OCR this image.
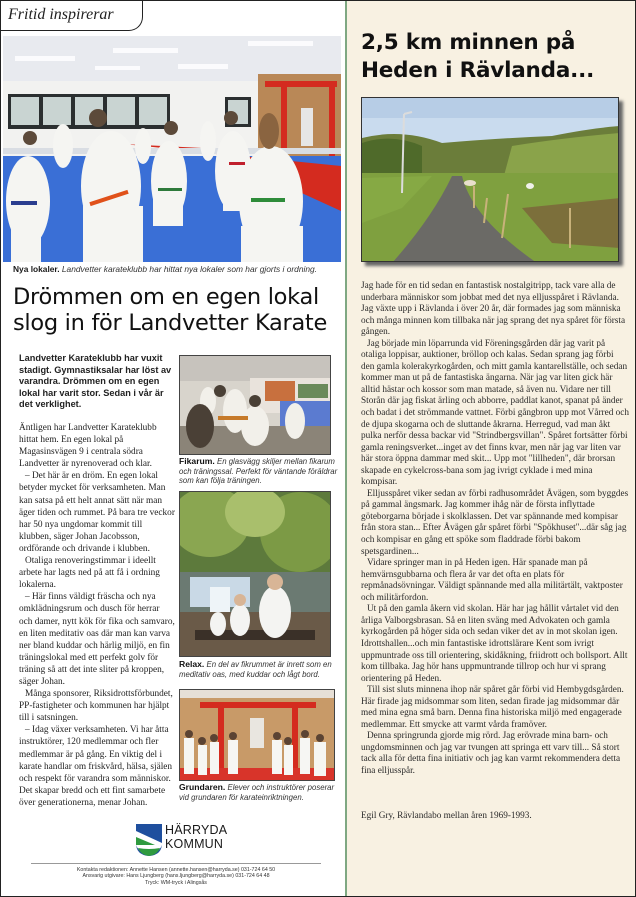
Fritid inspirerar
Nya lokaler. Landvetter karateklubb har hittat nya lokaler som har gjorts i ordning.
Drömmen om en egen lokal slog in för Landvetter Karate
Landvetter Karateklubb har vuxit stadigt. Gymnastiksalar har löst av varandra. Drömmen om en egen lokal har varit stor. Sedan i vår är det verklighet.

Äntligen har Landvetter Karateklubb hittat hem. En egen lokal på Magasinsvägen 9 i centrala södra Landvetter är nyrenoverad och klar.

– Det här är en dröm. En egen lokal betyder mycket för verksamheten. Man kan satsa på ett helt annat sätt när man äger tiden och rummet. På bara tre veckor har 50 nya ungdomar kommit till klubben, säger Johan Jacobsson, ordförande och drivande i klubben.

Otaliga renoveringstimmar i ideellt arbete har lagts ned på att få i ordning lokalerna.

– Här finns väldigt fräscha och nya omklädningsrum och dusch för herrar och damer, nytt kök för fika och samvaro, en liten meditativ oas där man kan varva ner bland kuddar och härlig miljö, en fin träningslokal med ett perfekt golv för träning så att det inte sliter på kroppen, säger Johan.

Många sponsorer, Riksidrottsförbundet, PP-fastigheter och kommunen har hjälpt till i satsningen.

– Idag växer verksamheten. Vi har åtta instruktörer, 120 medlemmar och fler medlemmar är på gång. En viktig del i karate handlar om friskvård, hälsa, själen och respekt för varandra som människor. Det skapar bredd och ett fint samarbete över generationerna, menar Johan.

Fikarum. En glasvägg skiljer mellan fikarum och träningssal. Perfekt för väntande föräldrar som kan följa träningen.
Relax. En del av fikrummet är inrett som en meditativ oas, med kuddar och lågt bord.
Grundaren. Elever och instruktörer poserar vid grundaren för karateinriktningen.
HÄRRYDA
KOMMUN
Kontakta redaktionen: Annette Hansen (annette.hansen@harryda.se) 031-724 64 50
Ansvarig utgivare: Hans Ljungberg (hans.ljungberg@harryda.se) 031-724 64 48
Tryck: WM-tryck i Alingsås
2,5 km minnen på Heden i Rävlanda...

Jag hade för en tid sedan en fantastisk nostalgitripp, tack vare alla de underbara människor som jobbat med det nya elljusspåret i Rävlanda. Jag växte upp i Rävlanda i över 20 år, där formades jag som människa och många minnen kom tillbaka när jag sprang det nya spåret för första gången.

Jag började min löparrunda vid Föreningsgården där jag varit på otaliga loppisar, auktioner, bröllop och kalas. Sedan sprang jag förbi den gamla kolerakyrkogården, och mitt gamla kantarellställe, och sedan kommer man ut på de fantastiska ängarna. När jag var liten gick här alltid hästar och kossor som man matade, så även nu. Vidare ner till Storån där jag fiskat ärling och abborre, paddlat kanot, spanat på änder och badat i det strömmande vattnet. Förbi gångbron upp mot Vårred och de djupa skogarna och de sluttande åkrarna. Herregud, vad man åkt pulka nerför dessa backar vid "Strindbergsvillan". Spåret fortsätter förbi gamla reningsverket...inget av det finns kvar, men när jag var liten var här stora öppna dammar med skit... Upp mot "lillheden", där brorsan skapade en cykelcross-bana som jag ivrigt cyklade i med mina kompisar.

Elljusspåret viker sedan av förbi radhusområdet Åvägen, som byggdes på gammal ängsmark. Jag kommer ihåg när de första inflyttade göteborgarna började i skolklassen. Det var spännande med kompisar från stora stan... Efter Åvägen går spåret förbi "Spökhuset"...där såg jag och kompisar en gång ett spöke som fladdrade förbi bakom spetsgardinen...

Vidare springer man in på Heden igen. Här spanade man på hemvärnsgubbarna och flera år var det ofta en plats för repmånadsövningar. Väldigt spännande med alla militärtält, vaktposter och militärfordon.

Ut på den gamla åkern vid skolan. Här har jag hållit vårtalet vid den årliga Valborgsbrasan. Så en liten sväng med Advokaten och gamla kyrkogården på höger sida och sedan viker det av in mot skolan igen. Idrottshallen...och min fantastiske idrottslärare Kent som ivrigt uppmuntrade oss till orientering, skidåkning, friidrott och bollsport. Allt kom tillbaka. Jag hör hans uppmuntrande tillrop och hur vi sprang orientering på Heden.

Till sist sluts minnena ihop när spåret går förbi vid Hembygdsgården. Här firade jag midsommar som liten, sedan firade jag midsommar där med mina egna små barn. Denna fina historiska miljö med engagerade medlemmar. Ett smycke att varmt vårda framöver.

Denna springrunda gjorde mig rörd. Jag erövrade mina barn- och ungdomsminnen och jag var tvungen att springa ett varv till... Så stort tack alla för detta fina initiativ och jag kan varmt rekommendera detta fina elljusspår.

Egil Gry, Rävlandabo mellan åren 1969-1993.
